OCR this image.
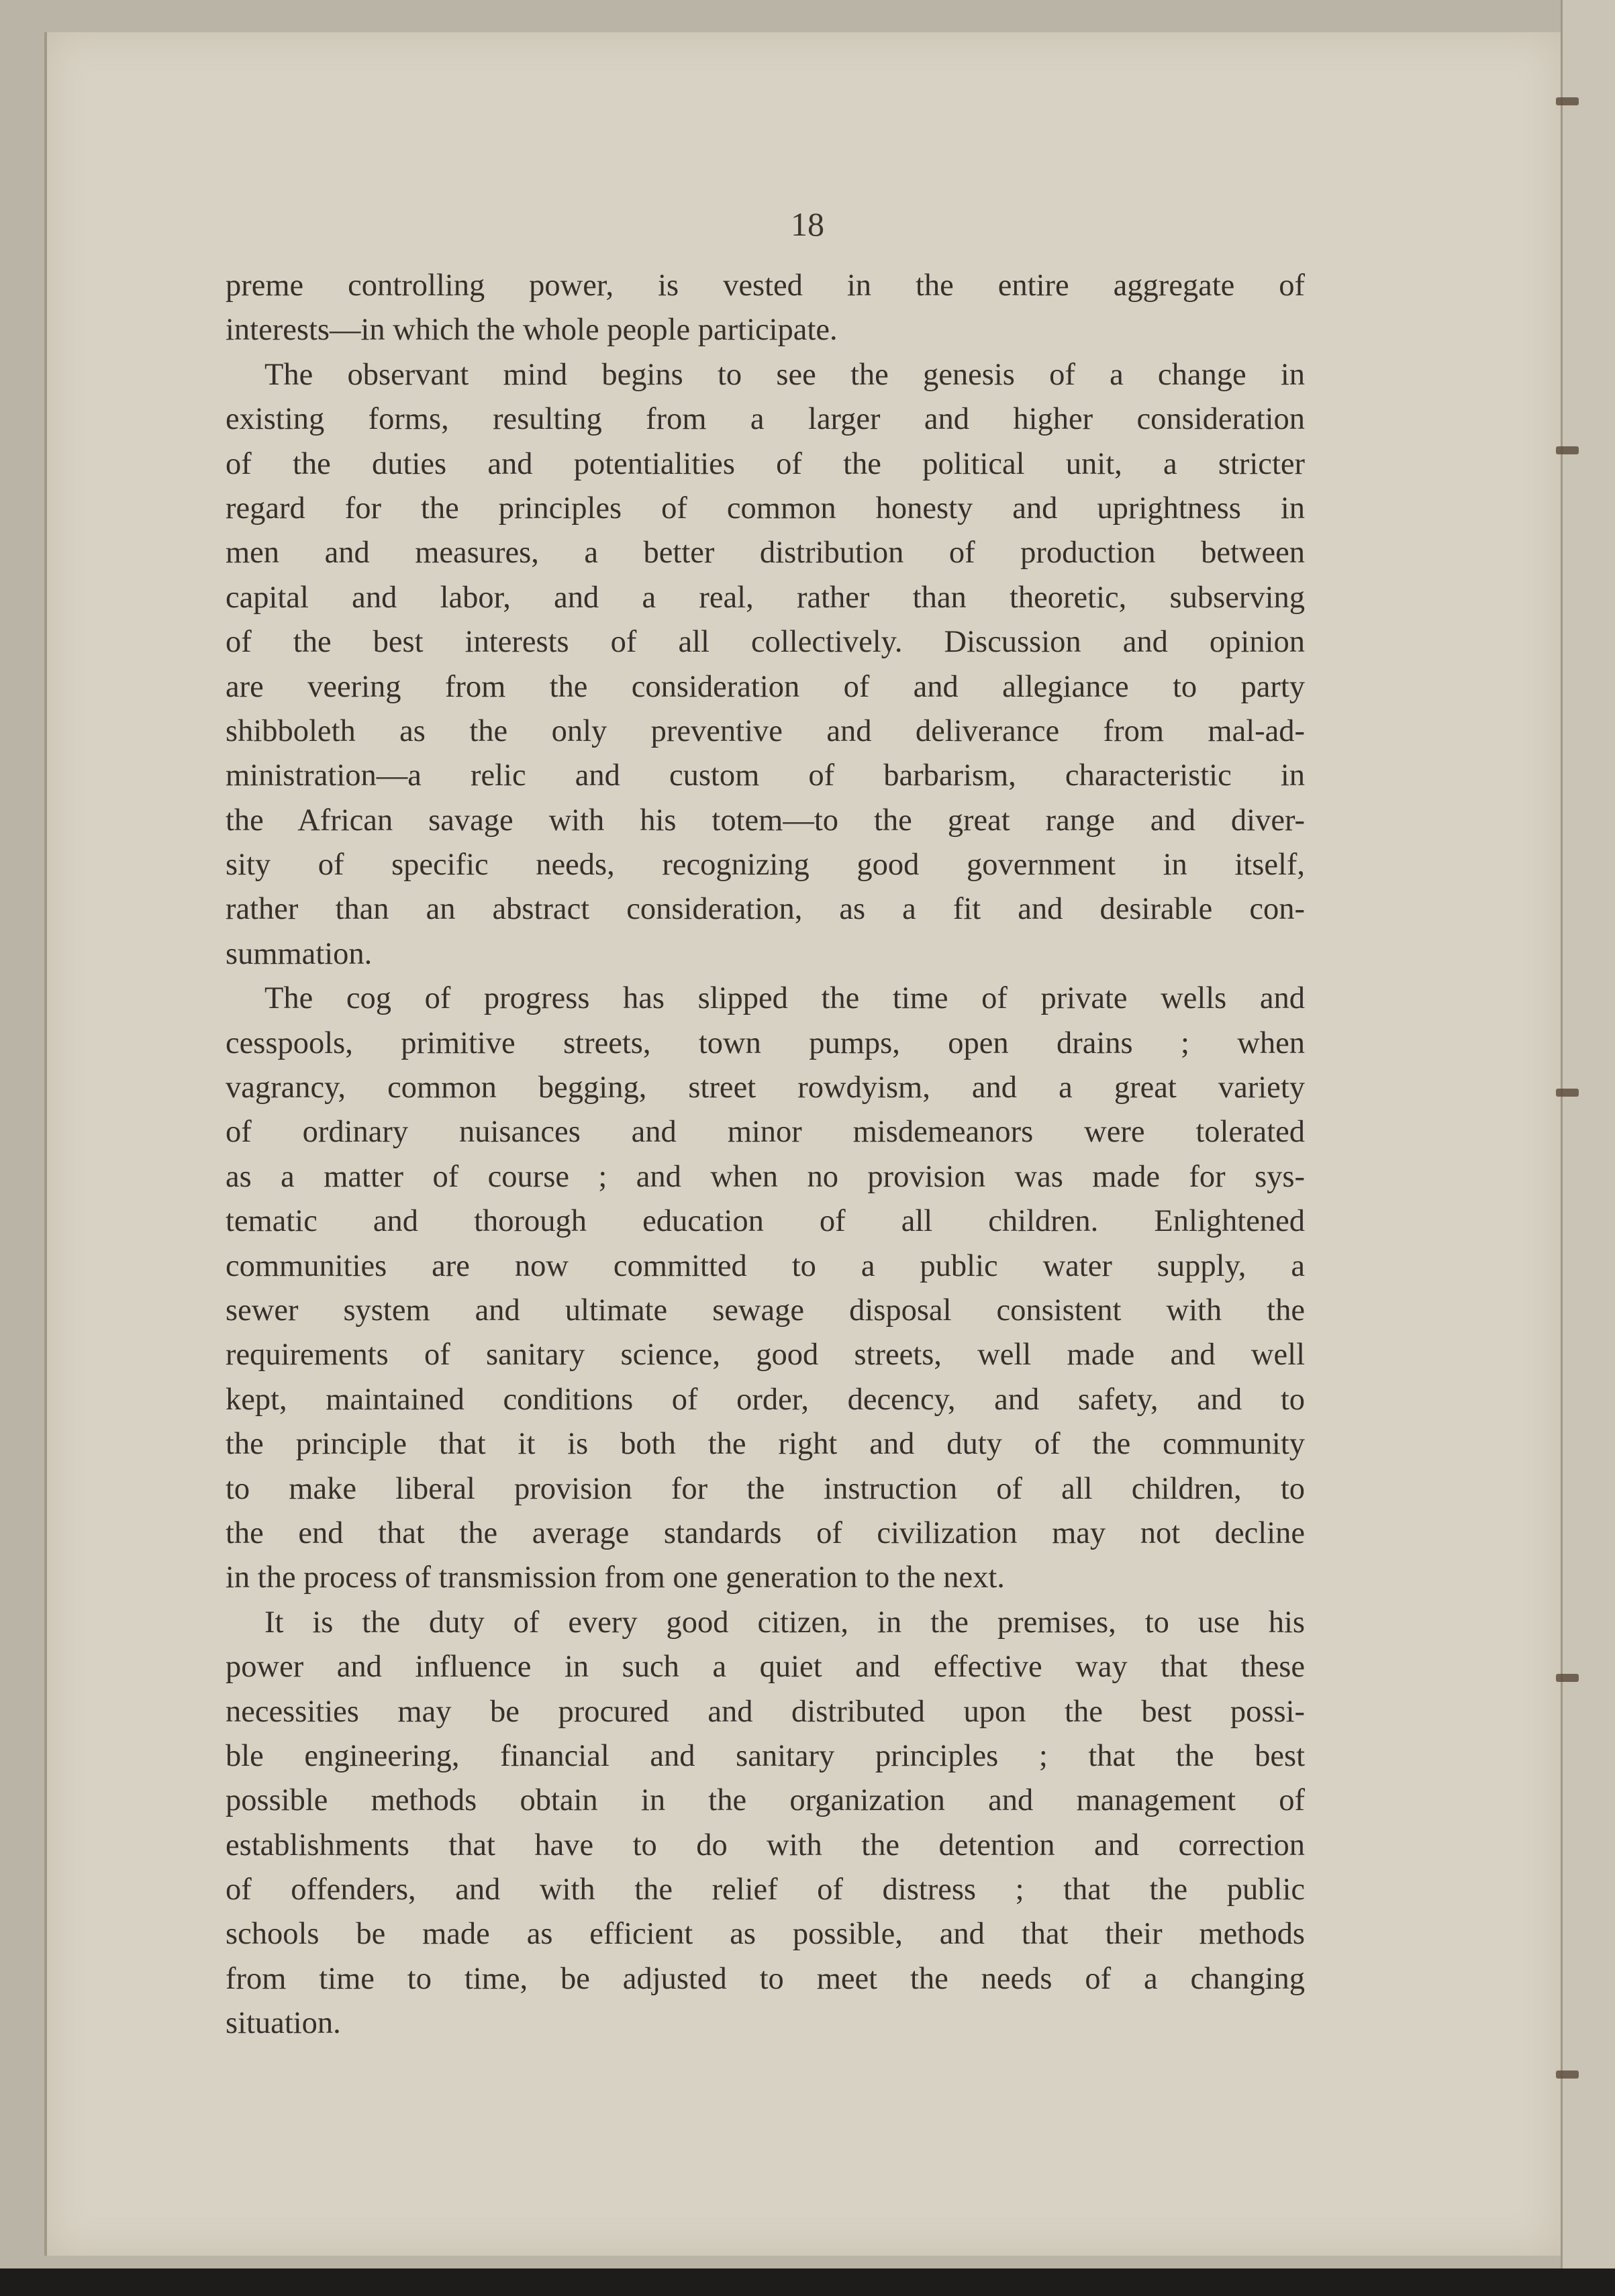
18
preme controlling power, is vested in the entire aggregate of
interests—in which the whole people participate.
The observant mind begins to see the genesis of a change in
existing forms, resulting from a larger and higher consideration
of the duties and potentialities of the political unit, a stricter
regard for the principles of common honesty and uprightness in
men and measures, a better distribution of production between
capital and labor, and a real, rather than theoretic, subserving
of the best interests of all collectively. Discussion and opinion
are veering from the consideration of and allegiance to party
shibboleth as the only preventive and deliverance from mal-ad-
ministration—a relic and custom of barbarism, characteristic in
the African savage with his totem—to the great range and diver-
sity of specific needs, recognizing good government in itself,
rather than an abstract consideration, as a fit and desirable con-
summation.
The cog of progress has slipped the time of private wells and
cesspools, primitive streets, town pumps, open drains ; when
vagrancy, common begging, street rowdyism, and a great variety
of ordinary nuisances and minor misdemeanors were tolerated
as a matter of course ; and when no provision was made for sys-
tematic and thorough education of all children. Enlightened
communities are now committed to a public water supply, a
sewer system and ultimate sewage disposal consistent with the
requirements of sanitary science, good streets, well made and well
kept, maintained conditions of order, decency, and safety, and to
the principle that it is both the right and duty of the community
to make liberal provision for the instruction of all children, to
the end that the average standards of civilization may not decline
in the process of transmission from one generation to the next.
It is the duty of every good citizen, in the premises, to use his
power and influence in such a quiet and effective way that these
necessities may be procured and distributed upon the best possi-
ble engineering, financial and sanitary principles ; that the best
possible methods obtain in the organization and management of
establishments that have to do with the detention and correction
of offenders, and with the relief of distress ; that the public
schools be made as efficient as possible, and that their methods
from time to time, be adjusted to meet the needs of a changing
situation.
